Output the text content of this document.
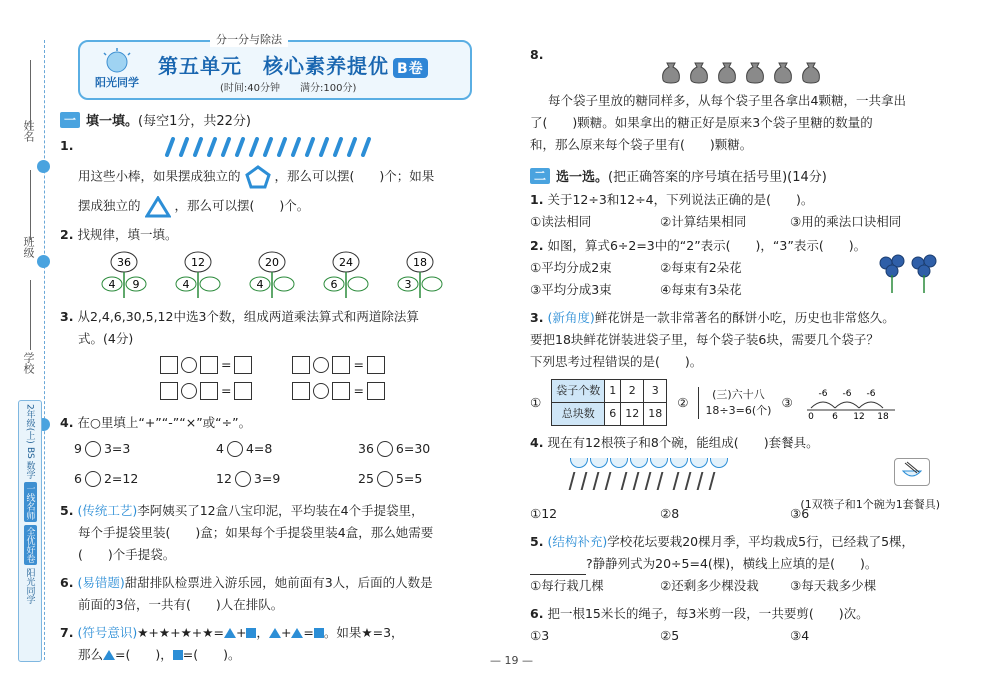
姓名
班级
学校
2年级(上)
BS
数学
一线名师
全优好卷
阳光同学
分一分与除法
阳光同学
第五单元　核心素养提优 B卷
(时间:40分钟　　满分:100分)
一 填一填。 (每空1分，共22分)
1.
用这些小棒，如果摆成独立的	，那么可以摆(　　)个；如果
摆成独立的	，那么可以摆(　　)个。
2. 找规律，填一填。
36
4 9
12
4
20
4
24
6
18
3
3. 从2,4,6,30,5,12中选3个数，组成两道乘法算式和两道除法算
式。(4分)
=
=
=
=
4. 在○里填上“+”“-”“×”或“÷”。
9 3=3	4 4=8	36 6=30
6 2=12	12 3=9	25 5=5
5. (传统工艺)李阿姨买了12盒八宝印泥，平均装在4个手提袋里，
每个手提袋里装(　　)盒；如果每个手提袋里装4盒，那么她需要
(　　)个手提袋。
6. (易错题)甜甜排队检票进入游乐园，她前面有3人，后面的人数是
前面的3倍，一共有(　　)人在排队。
7. (符号意识)★+★+★+★= + ， + = 。如果★=3，
那么 =(　　)， =(　　)。
8.
每个袋子里放的糖同样多，从每个袋子里各拿出4颗糖，一共拿出
了(　　)颗糖。如果拿出的糖正好是原来3个袋子里糖的数量的
和，那么原来每个袋子里有(　　)颗糖。
二 选一选。 (把正确答案的序号填在括号里)(14分)
1. 关于12÷3和12÷4，下列说法正确的是(　　)。
①读法相同	②计算结果相同	③用的乘法口诀相同
2. 如图，算式6÷2=3中的“2”表示(　　)，“3”表示(　　)。
①平均分成2束	②每束有2朵花
③平均分成3束	④每束有3朵花
3. (新角度)鲜花饼是一款非常著名的酥饼小吃，历史也非常悠久。
要把18块鲜花饼装进袋子里，每个袋子装6块，需要几个袋子？
下列思考过程错误的是(　　)。
①
袋子个数	1	2	3
总块数	6	12	18
②
(三)六十八
18÷3=6(个)
③
-6 -6 -6
0 6 12 18
4. 现在有12根筷子和8个碗，能组成(　　)套餐具。

(1双筷子和1个碗为1套餐具)
①12	②8	③6
5. (结构补充)学校花坛要栽20棵月季，平均栽成5行，已经栽了5棵，
?静静列式为20÷5=4(棵)，横线上应填的是(　　)。
①每行栽几棵	②还剩多少棵没栽	③每天栽多少棵
6. 把一根15米长的绳子，每3米剪一段，一共要剪(　　)次。
①3	②5	③4
— 19 —
